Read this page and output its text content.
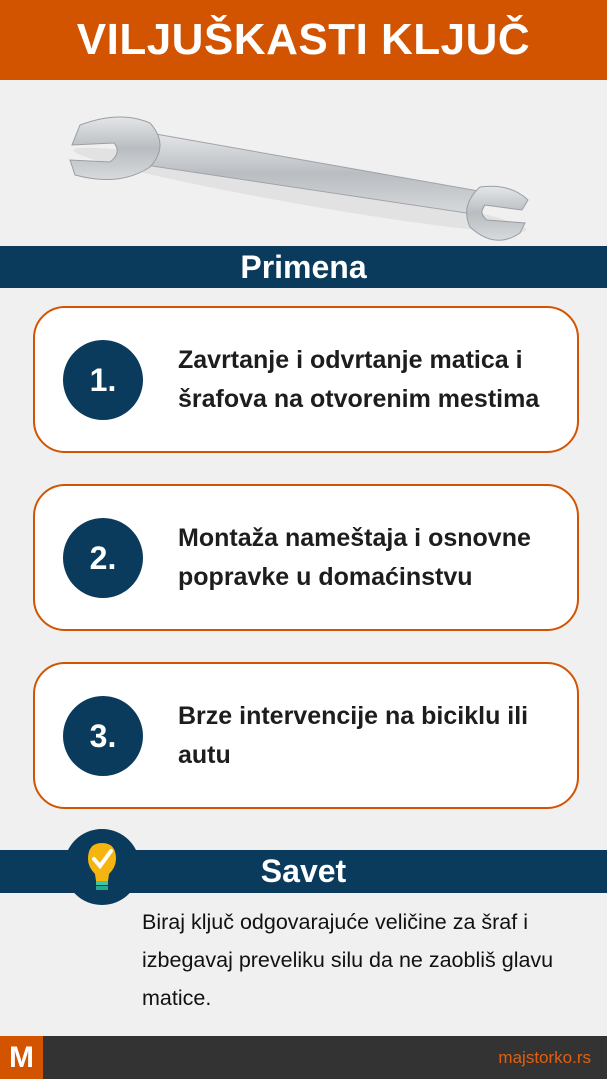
VILJUŠKASTI KLJUČ
Primena
1.
Zavrtanje i odvrtanje matica i šrafova na otvorenim mestima
2.
Montaža nameštaja i osnovne popravke u domaćinstvu
3.
Brze intervencije na biciklu ili autu
Savet
Biraj ključ odgovarajuće veličine za šraf i izbegavaj preveliku silu da ne zaobliš glavu matice.
M	majstorko.rs
